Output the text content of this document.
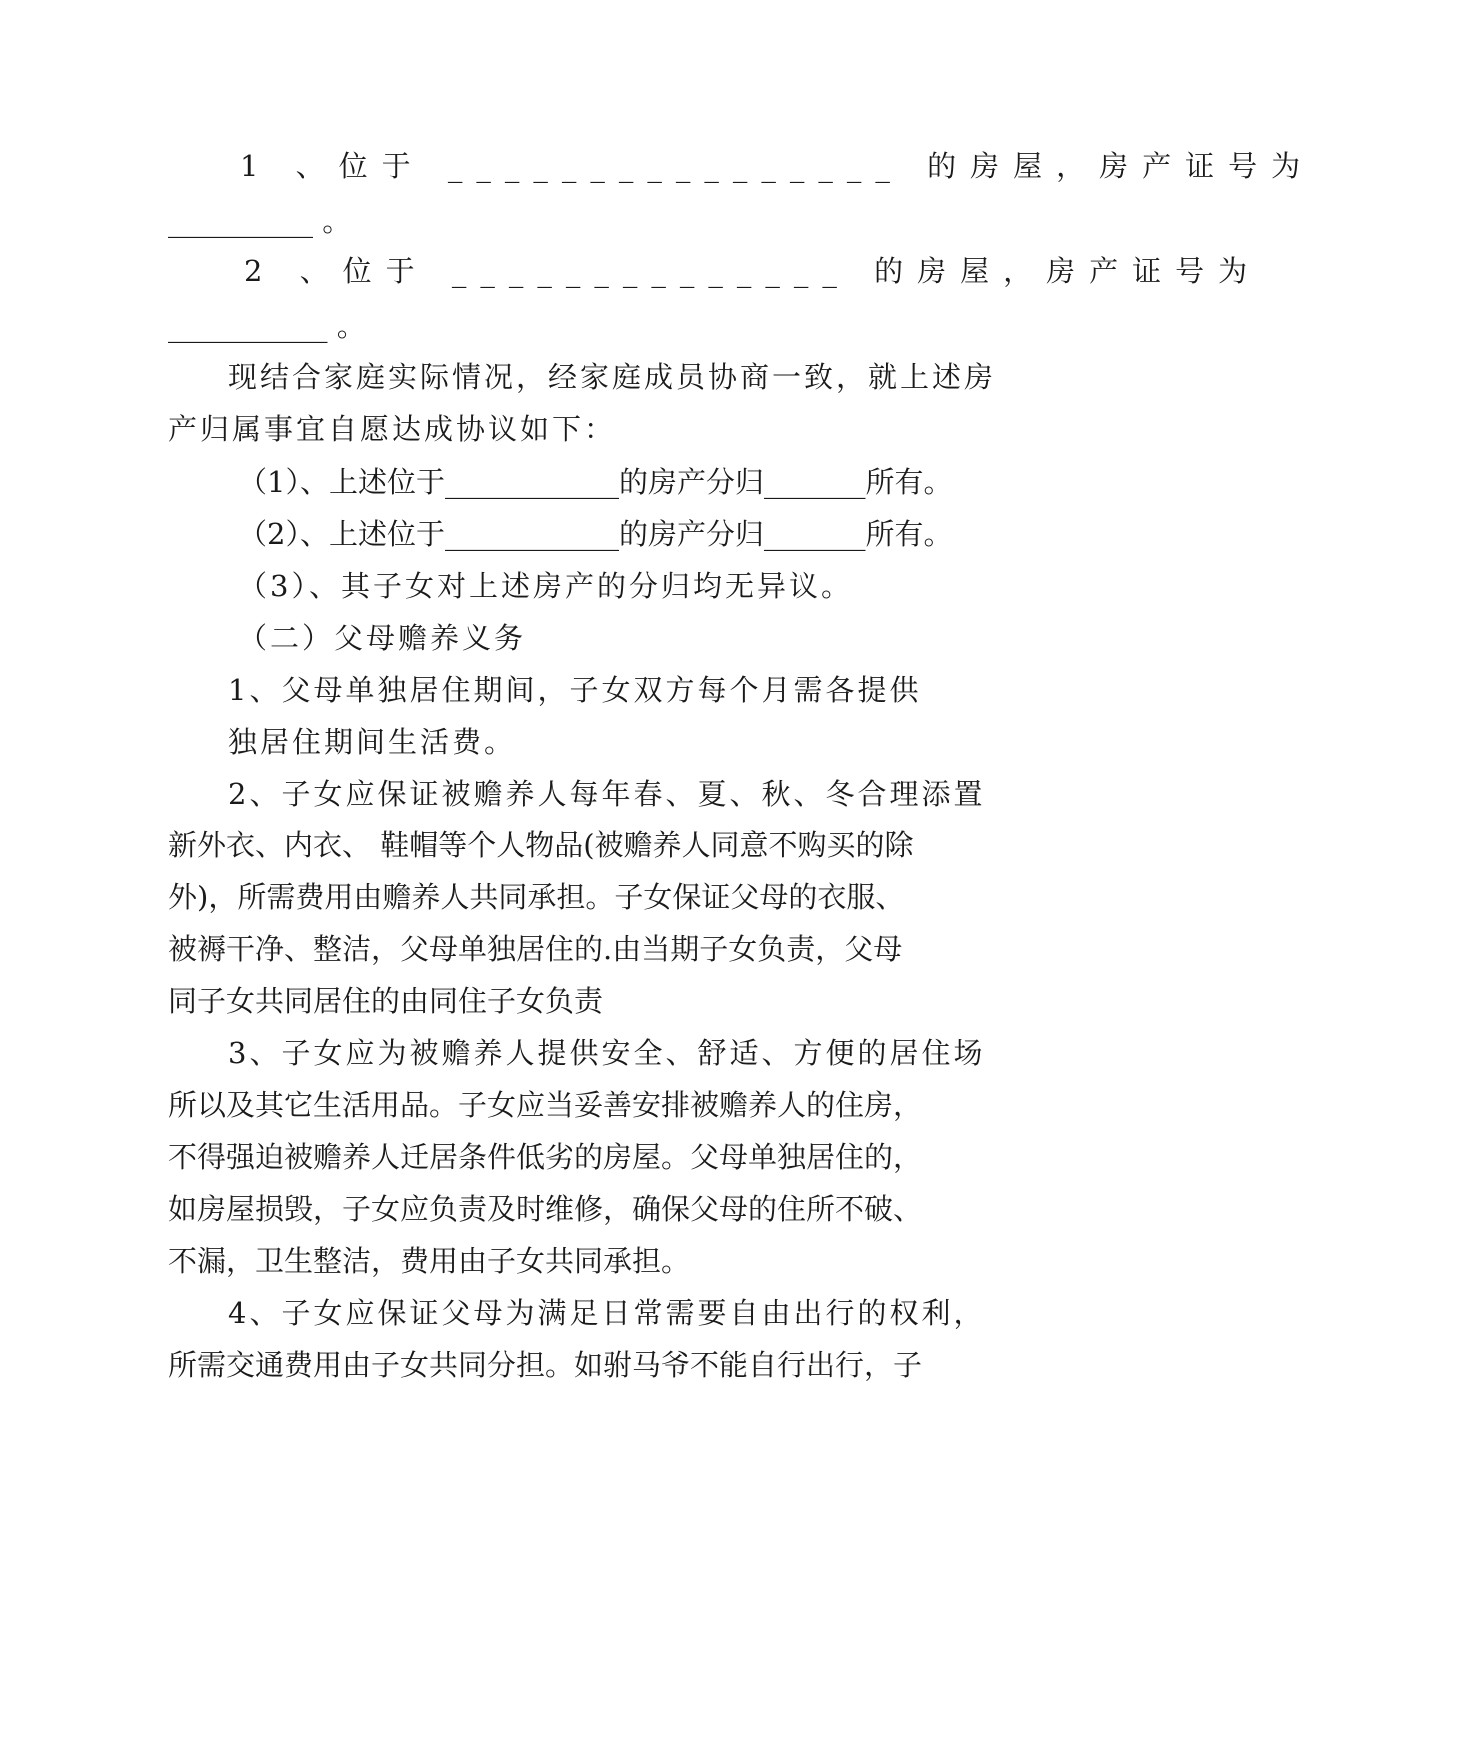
1 、位于 ________________ 的房屋，房产证号为
__________ 。
2 、位于 ______________ 的房屋，房产证号为
___________ 。
现结合家庭实际情况，经家庭成员协商一致，就上述房
产归属事宜自愿达成协议如下：
（1）、上述位于____________的房产分归_______所有。
（2）、上述位于____________的房产分归_______所有。
（3）、其子女对上述房产的分归均无异议。
（二）父母赡养义务
1、父母单独居住期间，子女双方每个月需各提供
独居住期间生活费。
2、子女应保证被赡养人每年春、夏、秋、冬合理添置
新外衣、内衣、 鞋帽等个人物品(被赡养人同意不购买的除
外)，所需费用由赡养人共同承担。子女保证父母的衣服、
被褥干净、整洁，父母单独居住的.由当期子女负责，父母
同子女共同居住的由同住子女负责
3、子女应为被赡养人提供安全、舒适、方便的居住场
所以及其它生活用品。子女应当妥善安排被赡养人的住房，
不得强迫被赡养人迁居条件低劣的房屋。父母单独居住的，
如房屋损毁，子女应负责及时维修，确保父母的住所不破、
不漏，卫生整洁，费用由子女共同承担。
4、子女应保证父母为满足日常需要自由出行的权利，
所需交通费用由子女共同分担。如驸马爷不能自行出行，子
